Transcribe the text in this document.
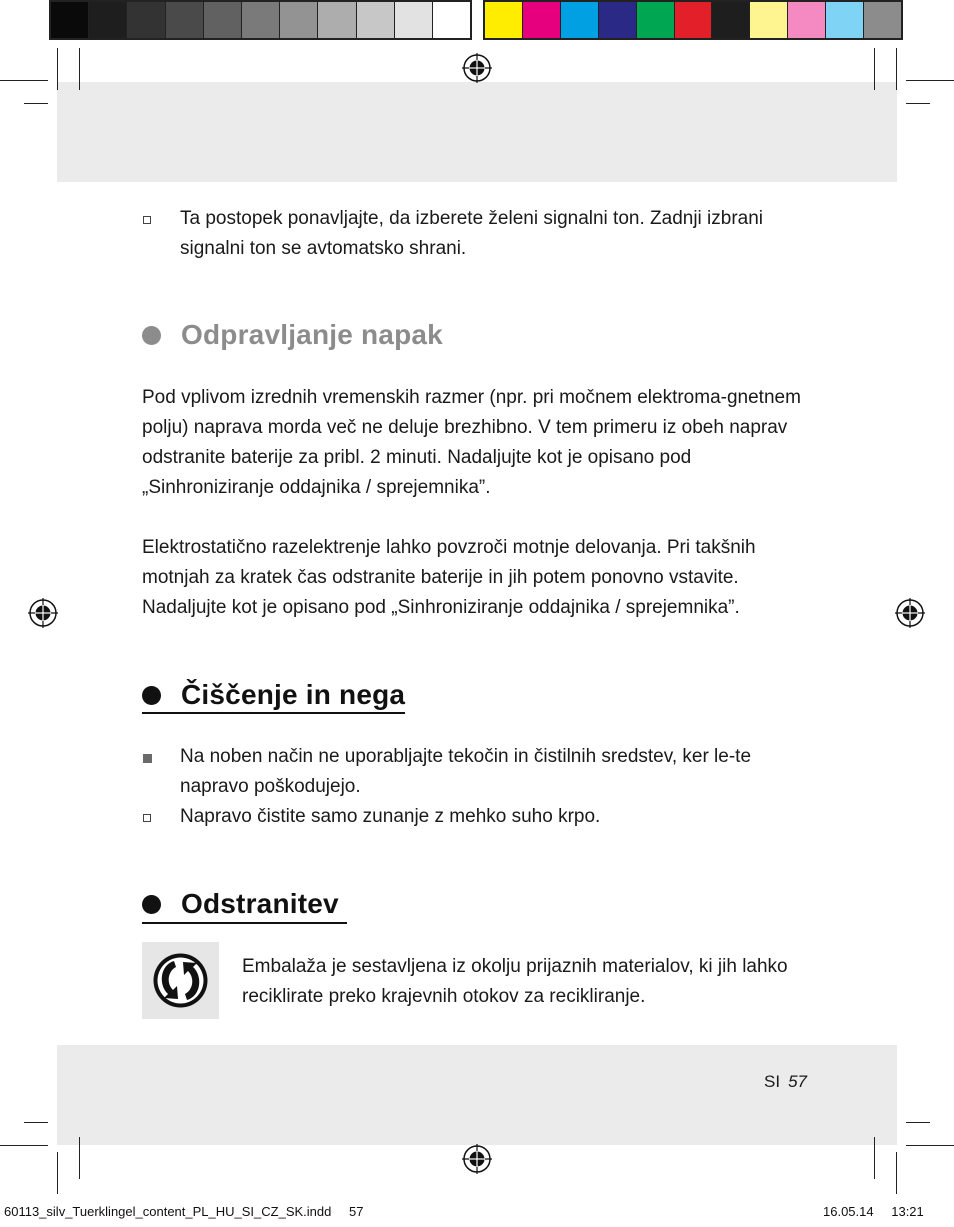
Ta postopek ponavljajte, da izberete želeni signalni ton. Zadnji izbrani signalni ton se avtomatsko shrani.
Odpravljanje napak
Pod vplivom izrednih vremenskih razmer (npr. pri močnem elektroma-gnetnem polju) naprava morda več ne deluje brezhibno. V tem primeru iz obeh naprav odstranite baterije za pribl. 2 minuti. Nadaljujte kot je opisano pod „Sinhroniziranje oddajnika / sprejemnika”.
Elektrostatično razelektrenje lahko povzroči motnje delovanja. Pri takšnih motnjah za kratek čas odstranite baterije in jih potem ponovno vstavite. Nadaljujte kot je opisano pod „Sinhroniziranje oddajnika / sprejemnika”.
Čiščenje in nega
Na noben način ne uporabljajte tekočin in čistilnih sredstev, ker le-te napravo poškodujejo.
Napravo čistite samo zunanje z mehko suho krpo.
Odstranitev
Embalaža je sestavljena iz okolju prijaznih materialov, ki jih lahko reciklirate preko krajevnih otokov za recikliranje.
SI 57
60113_silv_Tuerklingel_content_PL_HU_SI_CZ_SK.indd 57	16.05.14 13:21
